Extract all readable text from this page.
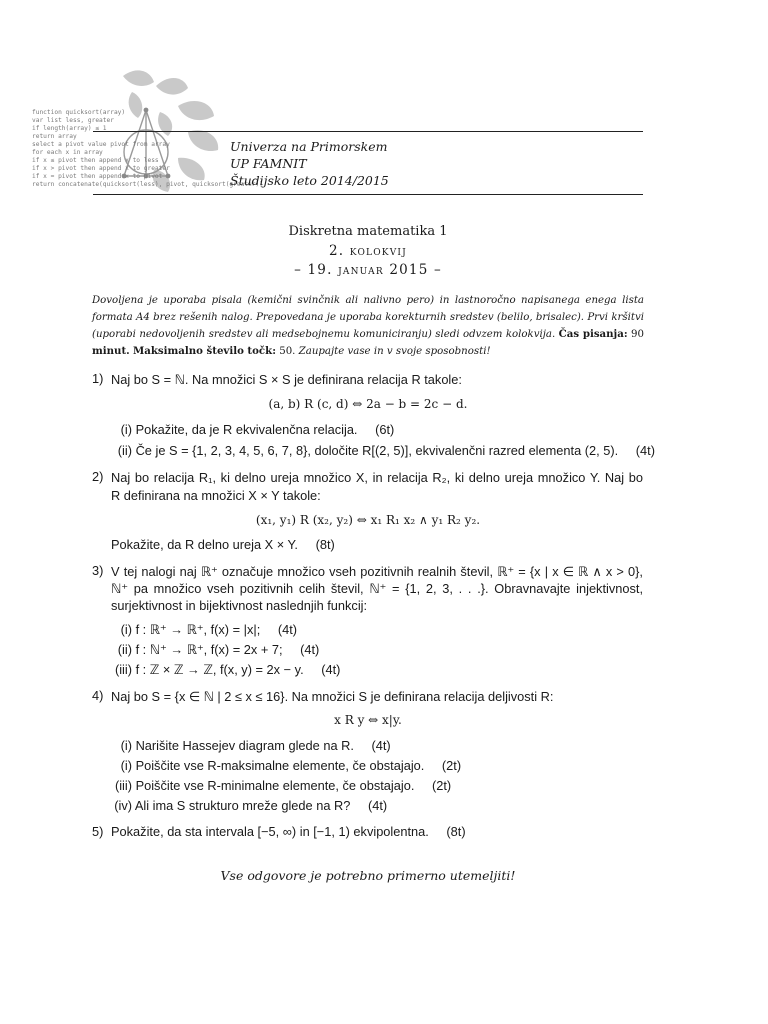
function quicksort(array)
var list less, greater
if length(array) ≤ 1
return array
select a pivot value pivot from array
for each x in array
if x ≤ pivot then append x to less
if x > pivot then append x to greater
if x = pivot then append x to pivot
return concatenate(quicksort(less), pivot, quicksort(greater))
Univerza na Primorskem
UP FAMNIT
Študijsko leto 2014/2015
Diskretna matematika 1
2. kolokvij
– 19. januar 2015 –
Dovoljena je uporaba pisala (kemični svinčnik ali nalivno pero) in lastnoročno napisanega enega lista formata A4 brez rešenih nalog. Prepovedana je uporaba korekturnih sredstev (belilo, brisalec). Prvi kršitvi (uporabi nedovoljenih sredstev ali medsebojnemu komuniciranju) sledi odvzem kolokvija. Čas pisanja: 90 minut. Maksimalno število točk: 50. Zaupajte vase in v svoje sposobnosti!
1) Naj bo S = ℕ. Na množici S × S je definirana relacija R takole:
(a, b) R (c, d) ⇔ 2a − b = 2c − d.
(i) Pokažite, da je R ekvivalenčna relacija. (6t)
(ii) Če je S = {1, 2, 3, 4, 5, 6, 7, 8}, določite R[(2, 5)], ekvivalenčni razred elementa (2, 5). (4t)
2) Naj bo relacija R₁, ki delno ureja množico X, in relacija R₂, ki delno ureja množico Y. Naj bo
R definirana na množici X × Y takole:
(x₁, y₁) R (x₂, y₂) ⇔ x₁ R₁ x₂ ∧ y₁ R₂ y₂.
Pokažite, da R delno ureja X × Y. (8t)
3) V tej nalogi naj ℝ⁺ označuje množico vseh pozitivnih realnih števil, ℝ⁺ = {x | x ∈ ℝ ∧ x > 0},
ℕ⁺ pa množico vseh pozitivnih celih števil, ℕ⁺ = {1, 2, 3, . . .}. Obravnavajte injektivnost,
surjektivnost in bijektivnost naslednjih funkcij:
(i) f : ℝ⁺ → ℝ⁺, f(x) = |x|; (4t)
(ii) f : ℕ⁺ → ℝ⁺, f(x) = 2x + 7; (4t)
(iii) f : ℤ × ℤ → ℤ, f(x, y) = 2x − y. (4t)
4) Naj bo S = {x ∈ ℕ | 2 ≤ x ≤ 16}. Na množici S je definirana relacija deljivosti R:
x R y ⇔ x|y.
(i) Narišite Hassejev diagram glede na R. (4t)
(i) Poiščite vse R-maksimalne elemente, če obstajajo. (2t)
(iii) Poiščite vse R-minimalne elemente, če obstajajo. (2t)
(iv) Ali ima S strukturo mreže glede na R? (4t)
5) Pokažite, da sta intervala [−5, ∞) in [−1, 1) ekvipolentna. (8t)
Vse odgovore je potrebno primerno utemeljiti!
